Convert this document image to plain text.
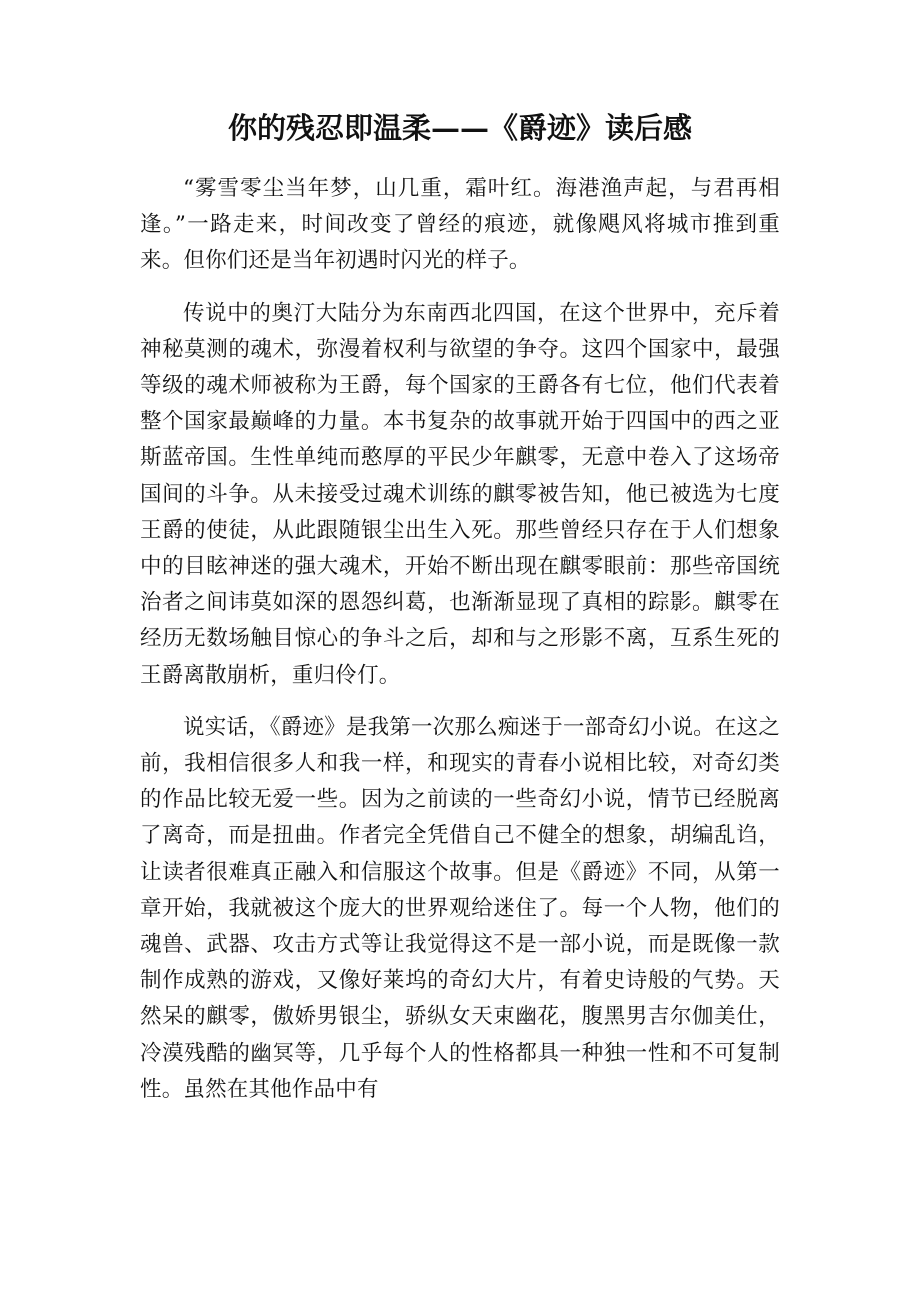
你的残忍即温柔——《爵迹》读后感

“雾雪零尘当年梦，山几重，霜叶红。海港渔声起，与君再相逢。”一路走来，时间改变了曾经的痕迹，就像飓风将城市推到重来。但你们还是当年初遇时闪光的样子。

传说中的奥汀大陆分为东南西北四国，在这个世界中，充斥着神秘莫测的魂术，弥漫着权利与欲望的争夺。这四个国家中，最强等级的魂术师被称为王爵，每个国家的王爵各有七位，他们代表着整个国家最巅峰的力量。本书复杂的故事就开始于四国中的西之亚斯蓝帝国。生性单纯而憨厚的平民少年麒零，无意中卷入了这场帝国间的斗争。从未接受过魂术训练的麒零被告知，他已被选为七度王爵的使徒，从此跟随银尘出生入死。那些曾经只存在于人们想象中的目眩神迷的强大魂术，开始不断出现在麒零眼前：那些帝国统治者之间讳莫如深的恩怨纠葛，也渐渐显现了真相的踪影。麒零在经历无数场触目惊心的争斗之后，却和与之形影不离，互系生死的王爵离散崩析，重归伶仃。

说实话，《爵迹》是我第一次那么痴迷于一部奇幻小说。在这之前，我相信很多人和我一样，和现实的青春小说相比较，对奇幻类的作品比较无爱一些。因为之前读的一些奇幻小说，情节已经脱离了离奇，而是扭曲。作者完全凭借自己不健全的想象，胡编乱诌，让读者很难真正融入和信服这个故事。但是《爵迹》不同，从第一章开始，我就被这个庞大的世界观给迷住了。每一个人物，他们的魂兽、武器、攻击方式等让我觉得这不是一部小说，而是既像一款制作成熟的游戏，又像好莱坞的奇幻大片，有着史诗般的气势。天然呆的麒零，傲娇男银尘，骄纵女天束幽花，腹黑男吉尔伽美仕，冷漠残酷的幽冥等，几乎每个人的性格都具一种独一性和不可复制性。虽然在其他作品中有
